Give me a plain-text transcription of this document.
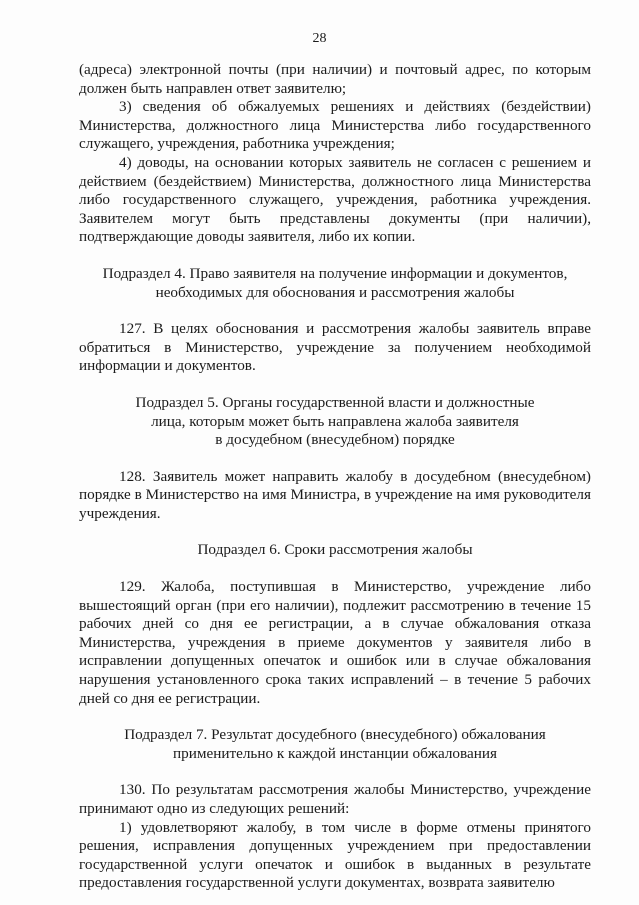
28

(адреса) электронной почты (при наличии) и почтовый адрес, по которым должен быть направлен ответ заявителю;

3) сведения об обжалуемых решениях и действиях (бездействии) Министерства, должностного лица Министерства либо государственного служащего, учреждения, работника учреждения;

4) доводы, на основании которых заявитель не согласен с решением и действием (бездействием) Министерства, должностного лица Министерства либо государственного служащего, учреждения, работника учреждения. Заявителем могут быть представлены документы (при наличии), подтверждающие доводы заявителя, либо их копии.

Подраздел 4. Право заявителя на получение информации и документов,
необходимых для обоснования и рассмотрения жалобы

127. В целях обоснования и рассмотрения жалобы заявитель вправе обратиться в Министерство, учреждение за получением необходимой информации и документов.

Подраздел 5. Органы государственной власти и должностные
лица, которым может быть направлена жалоба заявителя
в досудебном (внесудебном) порядке

128. Заявитель может направить жалобу в досудебном (внесудебном) порядке в Министерство на имя Министра, в учреждение на имя руководителя учреждения.

Подраздел 6. Сроки рассмотрения жалобы

129. Жалоба, поступившая в Министерство, учреждение либо вышестоящий орган (при его наличии), подлежит рассмотрению в течение 15 рабочих дней со дня ее регистрации, а в случае обжалования отказа Министерства, учреждения в приеме документов у заявителя либо в исправлении допущенных опечаток и ошибок или в случае обжалования нарушения установленного срока таких исправлений – в течение 5 рабочих дней со дня ее регистрации.

Подраздел 7. Результат досудебного (внесудебного) обжалования
применительно к каждой инстанции обжалования

130. По результатам рассмотрения жалобы Министерство, учреждение принимают одно из следующих решений:

1) удовлетворяют жалобу, в том числе в форме отмены принятого решения, исправления допущенных учреждением при предоставлении государственной услуги опечаток и ошибок в выданных в результате предоставления государственной услуги документах, возврата заявителю
